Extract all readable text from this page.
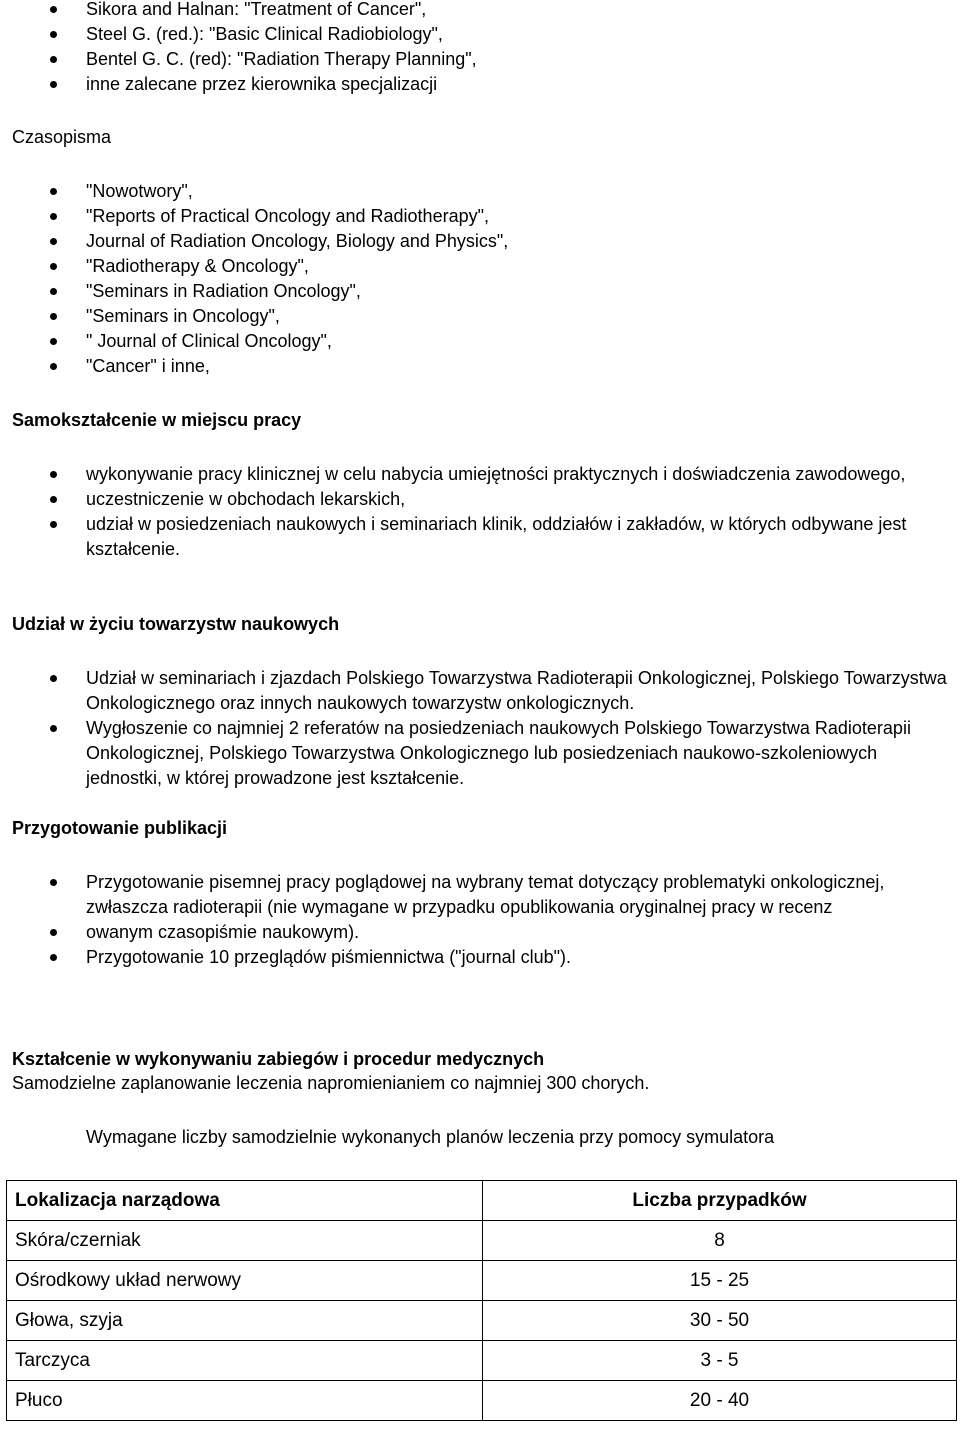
Sikora and Halnan: "Treatment of Cancer",
Steel G. (red.): "Basic Clinical Radiobiology",
Bentel G. C. (red): "Radiation Therapy Planning",
inne zalecane przez kierownika specjalizacji
Czasopisma
"Nowotwory",
"Reports of Practical Oncology and Radiotherapy",
Journal of Radiation Oncology, Biology and Physics",
"Radiotherapy & Oncology",
"Seminars in Radiation Oncology",
"Seminars in Oncology",
" Journal of Clinical Oncology",
"Cancer" i inne,
Samokształcenie w miejscu pracy
wykonywanie pracy klinicznej w celu nabycia umiejętności praktycznych i doświadczenia zawodowego,
uczestniczenie w obchodach lekarskich,
udział w posiedzeniach naukowych i seminariach klinik, oddziałów i zakładów, w których odbywane jest kształcenie.
Udział w życiu towarzystw naukowych
Udział w seminariach i zjazdach Polskiego Towarzystwa Radioterapii Onkologicznej, Polskiego Towarzystwa Onkologicznego oraz innych naukowych towarzystw onkologicznych.
Wygłoszenie co najmniej 2 referatów na posiedzeniach naukowych Polskiego Towarzystwa Radioterapii Onkologicznej, Polskiego Towarzystwa Onkologicznego lub posiedzeniach naukowo-szkoleniowych jednostki, w której prowadzone jest kształcenie.
Przygotowanie publikacji
Przygotowanie pisemnej pracy poglądowej na wybrany temat dotyczący problematyki onkologicznej, zwłaszcza radioterapii (nie wymagane w przypadku opublikowania oryginalnej pracy w recenz
owanym czasopiśmie naukowym).
Przygotowanie 10 przeglądów piśmiennictwa ("journal club").
Kształcenie w wykonywaniu zabiegów i procedur medycznych
Samodzielne zaplanowanie leczenia napromienianiem co najmniej 300 chorych.
Wymagane liczby samodzielnie wykonanych planów leczenia przy pomocy symulatora
Lokalizacja narządowa	Liczba przypadków
Skóra/czerniak	8
Ośrodkowy układ nerwowy	15 - 25
Głowa, szyja	30 - 50
Tarczyca	3 - 5
Płuco	20 - 40
